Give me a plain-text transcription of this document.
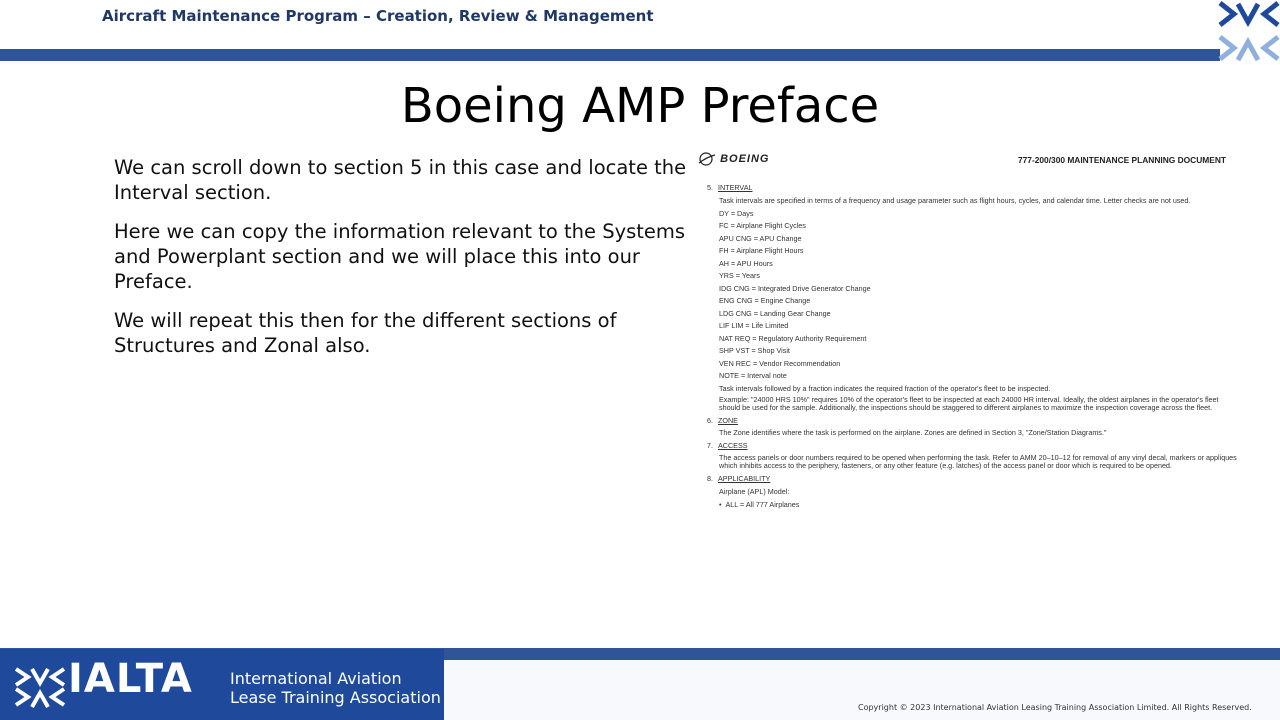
Aircraft Maintenance Program – Creation, Review & Management
Boeing AMP Preface

We can scroll down to section 5 in this case and locate the Interval section.

Here we can copy the information relevant to the Systems and Powerplant section and we will place this into our Preface.

We will repeat this then for the different sections of Structures and Zonal also.

BOEING	777-200/300 MAINTENANCE PLANNING DOCUMENT
5. INTERVAL
Task intervals are specified in terms of a frequency and usage parameter such as flight hours, cycles, and calendar time. Letter checks are not used.
DY = Days
FC = Airplane Flight Cycles
APU CNG = APU Change
FH = Airplane Flight Hours
AH = APU Hours
YRS = Years
IDG CNG = Integrated Drive Generator Change
ENG CNG = Engine Change
LDG CNG = Landing Gear Change
LIF LIM = Life Limited
NAT REQ = Regulatory Authority Requirement
SHP VST = Shop Visit
VEN REC = Vendor Recommendation
NOTE = Interval note
Task intervals followed by a fraction indicates the required fraction of the operator's fleet to be inspected.
Example: "24000 HRS 10%" requires 10% of the operator's fleet to be inspected at each 24000 HR interval. Ideally, the oldest airplanes in the operator's fleet should be used for the sample. Additionally, the inspections should be staggered to different airplanes to maximize the inspection coverage across the fleet.
6. ZONE
The Zone identifies where the task is performed on the airplane. Zones are defined in Section 3, "Zone/Station Diagrams."
7. ACCESS
The access panels or door numbers required to be opened when performing the task. Refer to AMM 20–10–12 for removal of any vinyl decal, markers or appliques which inhibits access to the periphery, fasteners, or any other feature (e.g. latches) of the access panel or door which is required to be opened.
8. APPLICABILITY
Airplane (APL) Model:
•  ALL = All 777 Airplanes
IALTA International Aviation
Lease Training Association
Copyright © 2023 International Aviation Leasing Training Association Limited. All Rights Reserved.
